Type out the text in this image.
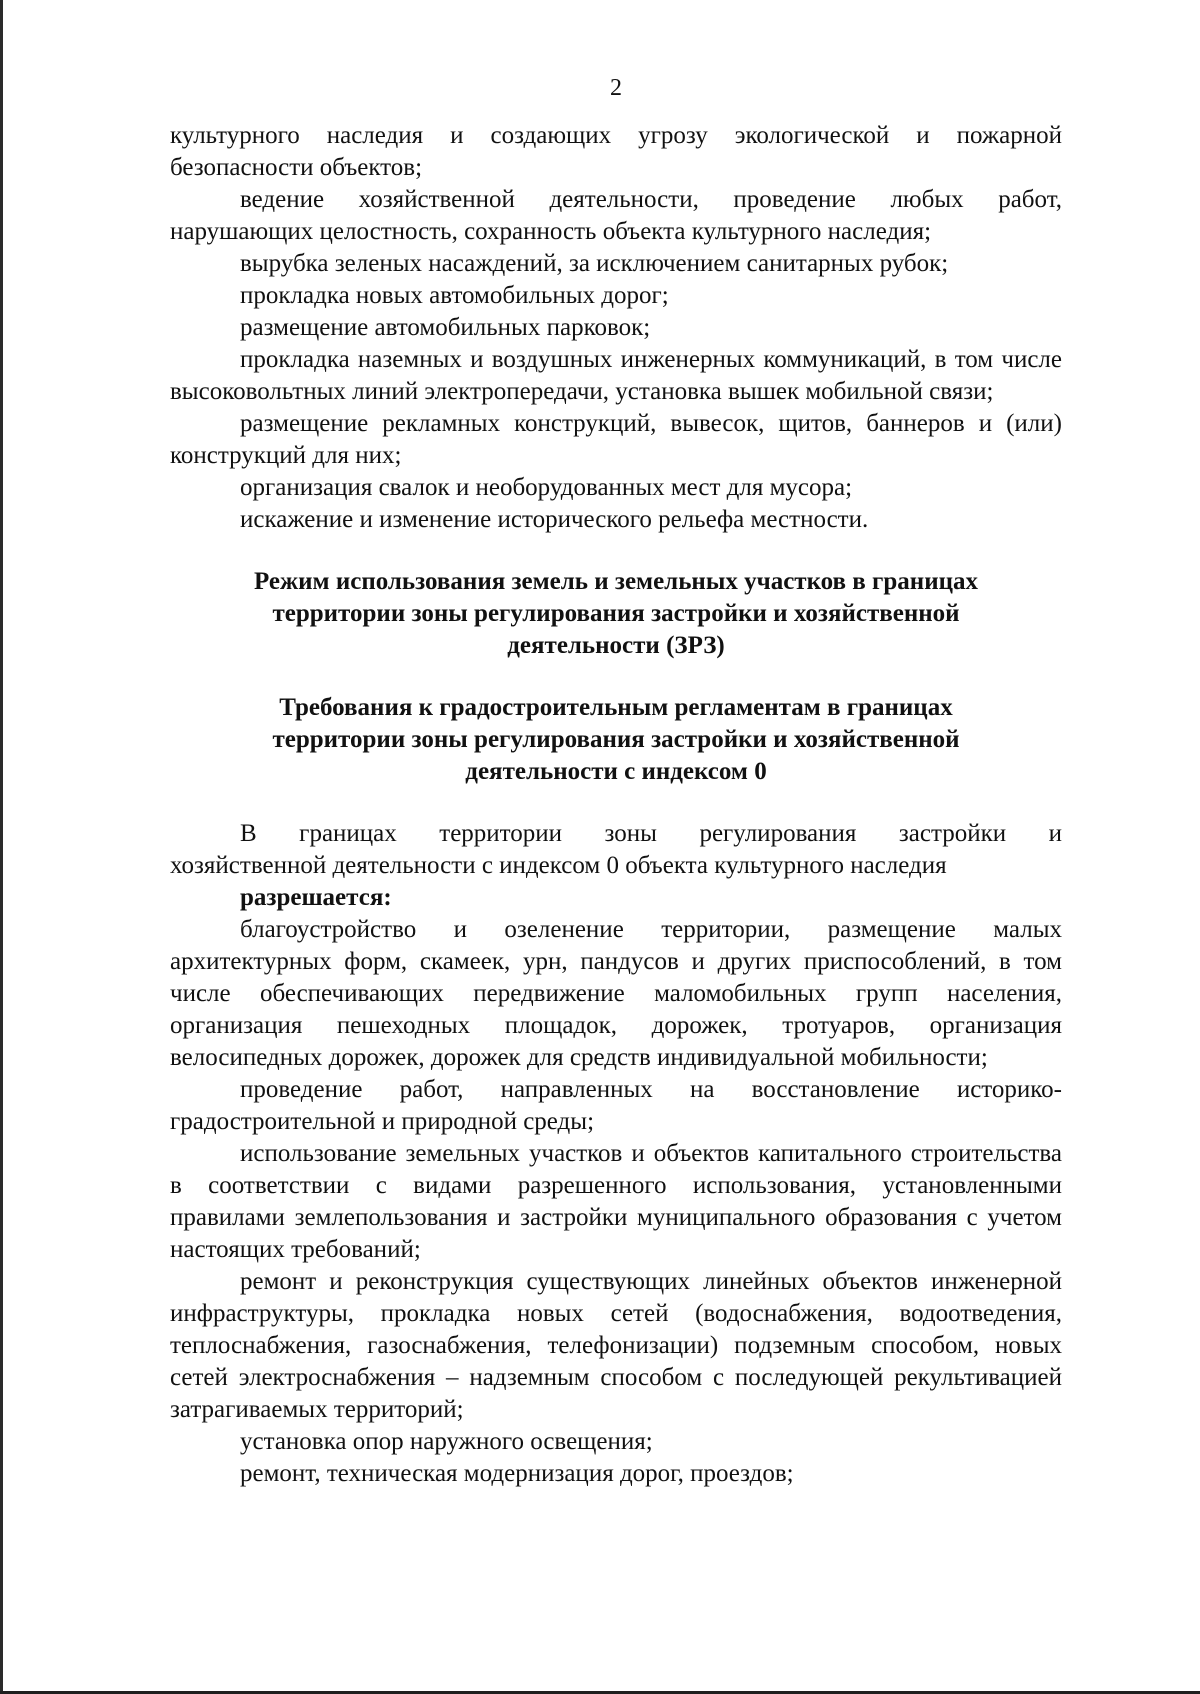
2

культурного наследия и создающих угрозу экологической и пожарной безопасности объектов;

ведение хозяйственной деятельности, проведение любых работ, нарушающих целостность, сохранность объекта культурного наследия;

вырубка зеленых насаждений, за исключением санитарных рубок;

прокладка новых автомобильных дорог;

размещение автомобильных парковок;

прокладка наземных и воздушных инженерных коммуникаций, в том числе высоковольтных линий электропередачи, установка вышек мобильной связи;

размещение рекламных конструкций, вывесок, щитов, баннеров и (или) конструкций для них;

организация свалок и необорудованных мест для мусора;

искажение и изменение исторического рельефа местности.

Режим использования земель и земельных участков в границах

территории зоны регулирования застройки и хозяйственной

деятельности (ЗРЗ)

Требования к градостроительным регламентам в границах

территории зоны регулирования застройки и хозяйственной

деятельности с индексом 0

В границах территории зоны регулирования застройки и

хозяйственной деятельности с индексом 0 объекта культурного наследия

разрешается:

благоустройство и озеленение территории, размещение малых архитектурных форм, скамеек, урн, пандусов и других приспособлений, в том числе обеспечивающих передвижение маломобильных групп населения, организация пешеходных площадок, дорожек, тротуаров, организация велосипедных дорожек, дорожек для средств индивидуальной мобильности;

проведение работ, направленных на восстановление историко-градостроительной и природной среды;

использование земельных участков и объектов капитального строительства в соответствии с видами разрешенного использования, установленными правилами землепользования и застройки муниципального образования с учетом настоящих требований;

ремонт и реконструкция существующих линейных объектов инженерной инфраструктуры, прокладка новых сетей (водоснабжения, водоотведения, теплоснабжения, газоснабжения, телефонизации) подземным способом, новых сетей электроснабжения – надземным способом с последующей рекультивацией затрагиваемых территорий;

установка опор наружного освещения;

ремонт, техническая модернизация дорог, проездов;
